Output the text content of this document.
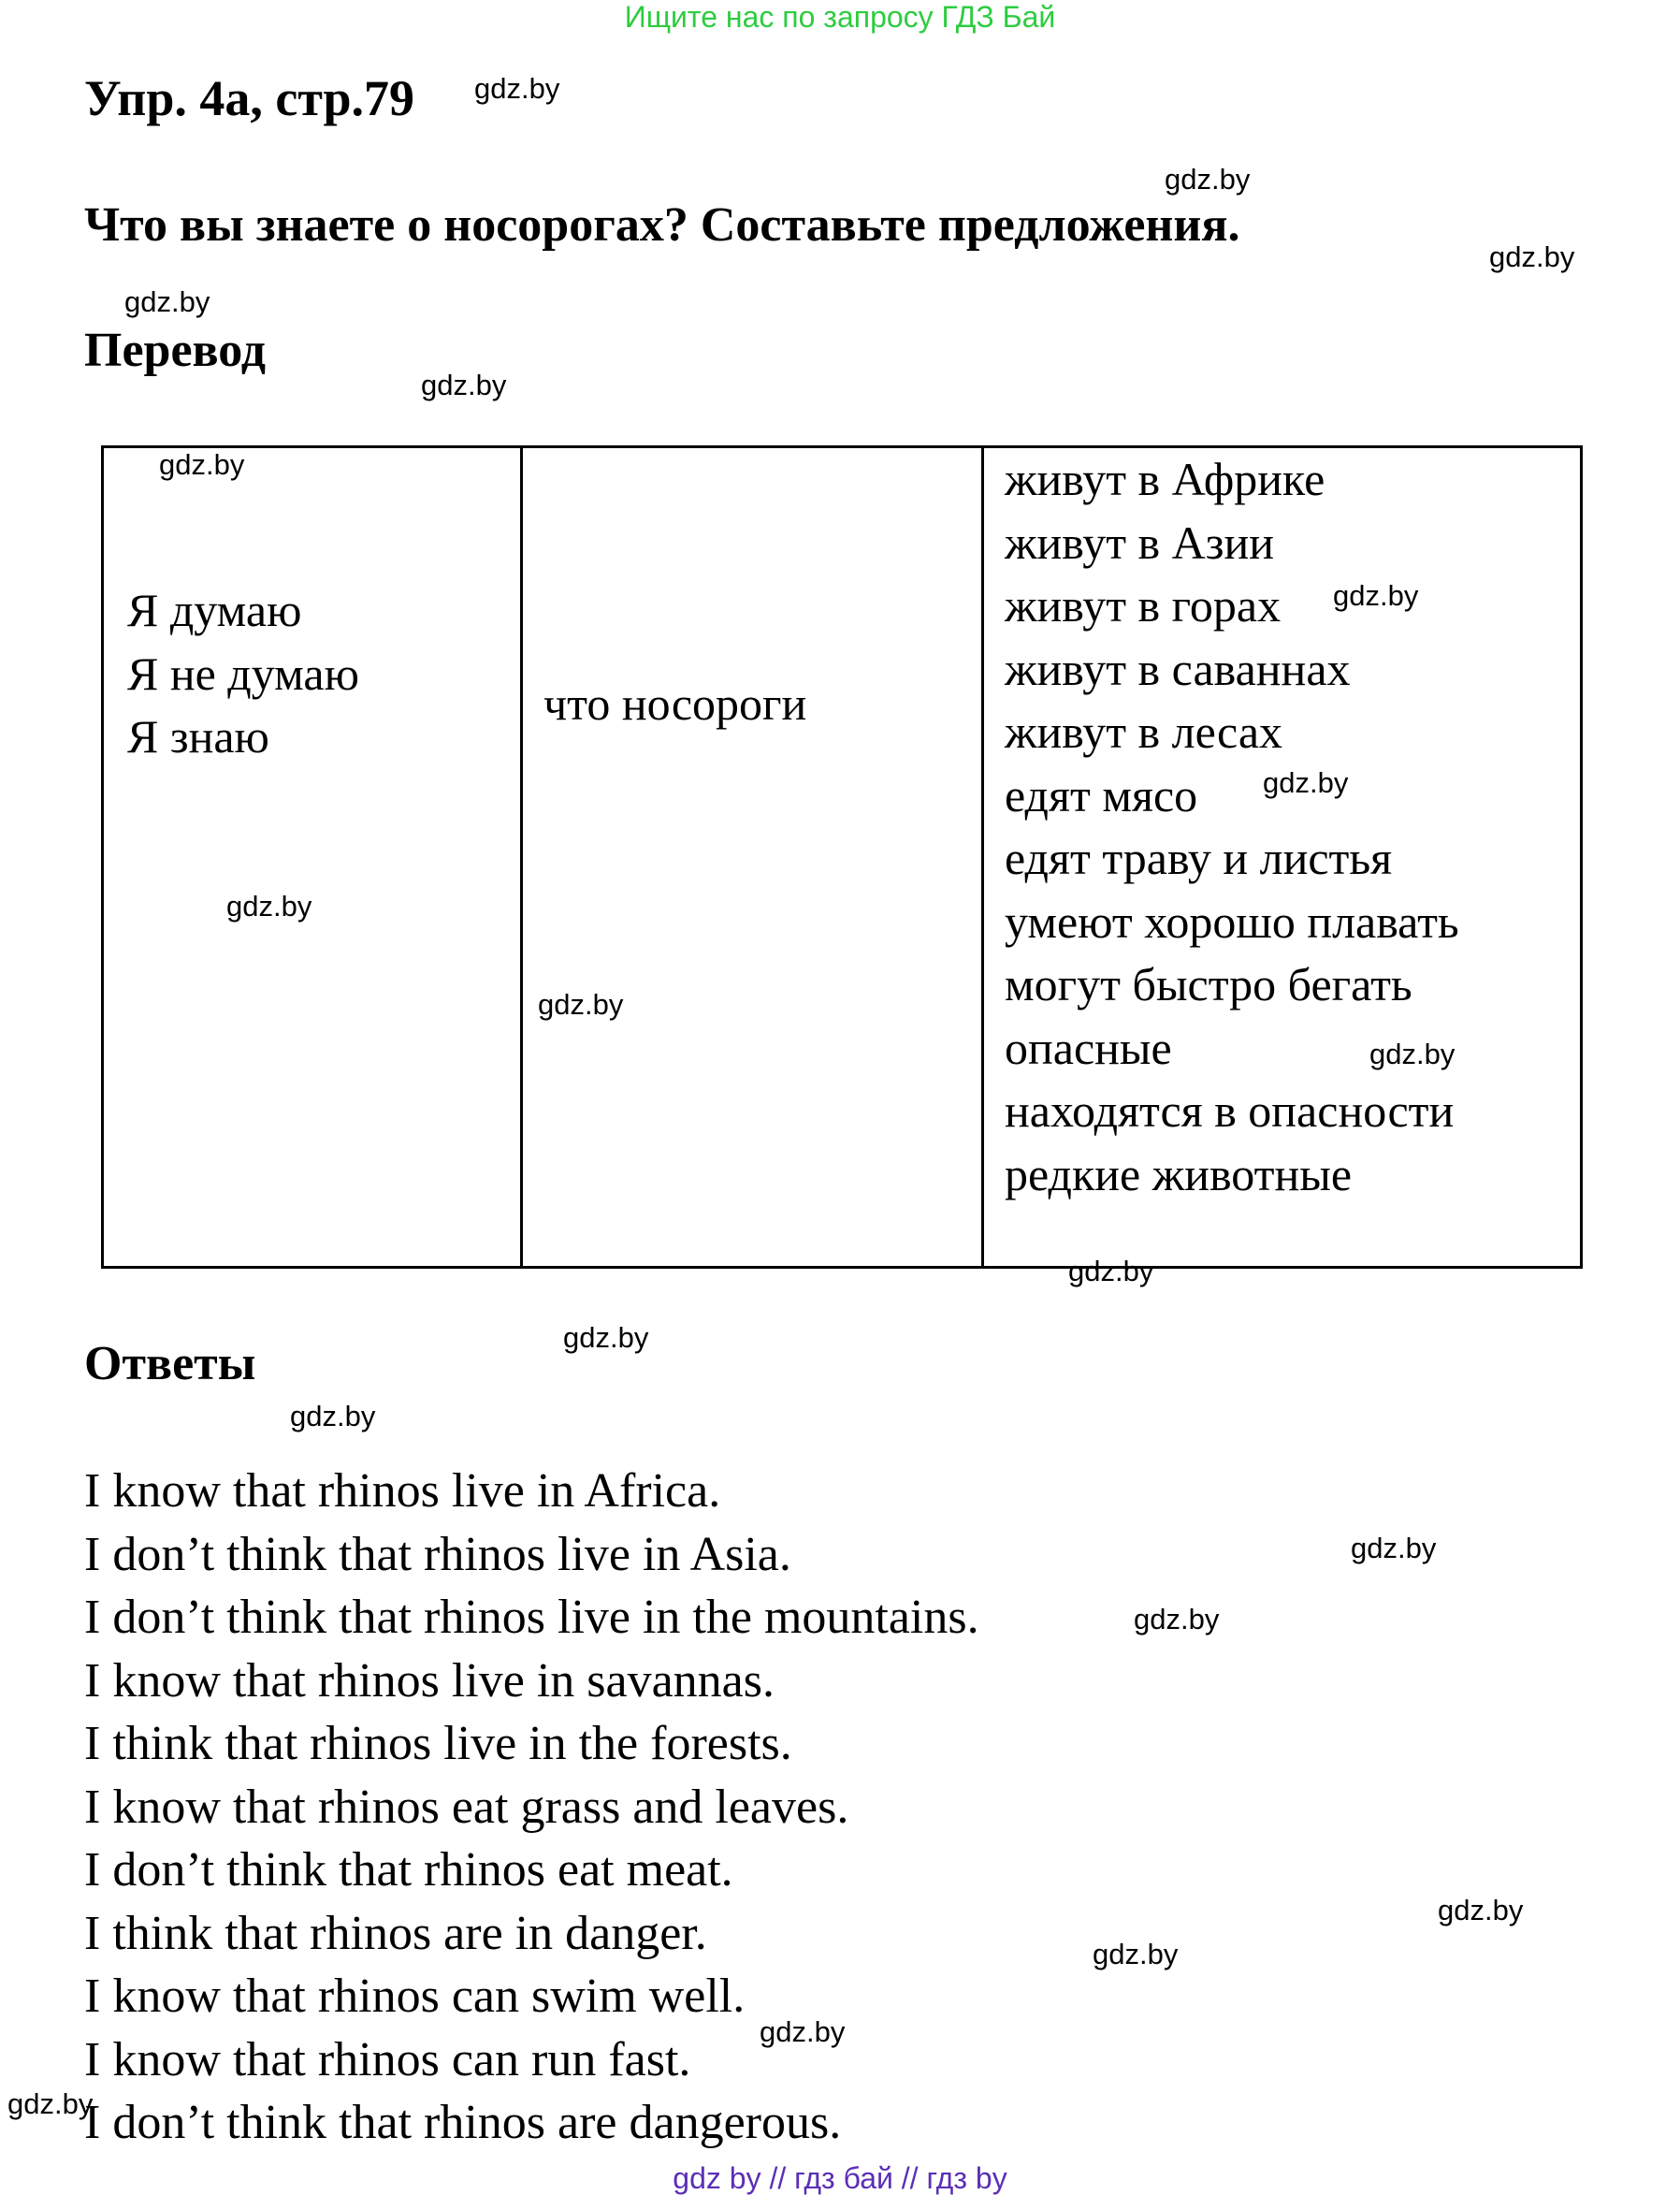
Ищите нас по запросу ГДЗ Бай
Упр. 4а, стр.79
Что вы знаете о носорогах? Составьте предложения.
Перевод
Я думаю
Я не думаю
Я знаю
что носороги
живут в Африке
живут в Азии
живут в горах
живут в саваннах
живут в лесах
едят мясо
едят траву и листья
умеют хорошо плавать
могут быстро бегать
опасные
находятся в опасности
редкие животные
Ответы
I know that rhinos live in Africa.
I don’t think that rhinos live in Asia.
I don’t think that rhinos live in the mountains.
I know that rhinos live in savannas.
I think that rhinos live in the forests.
I know that rhinos eat grass and leaves.
I don’t think that rhinos eat meat.
I think that rhinos are in danger.
I know that rhinos can swim well.
I know that rhinos can run fast.
I don’t think that rhinos are dangerous.
gdz.by
gdz.by
gdz.by
gdz.by
gdz.by
gdz.by
gdz.by
gdz.by
gdz.by
gdz.by
gdz.by
gdz.by
gdz.by
gdz.by
gdz.by
gdz.by
gdz.by
gdz.by
gdz.by
gdz.by
gdz by // гдз бай // гдз by
